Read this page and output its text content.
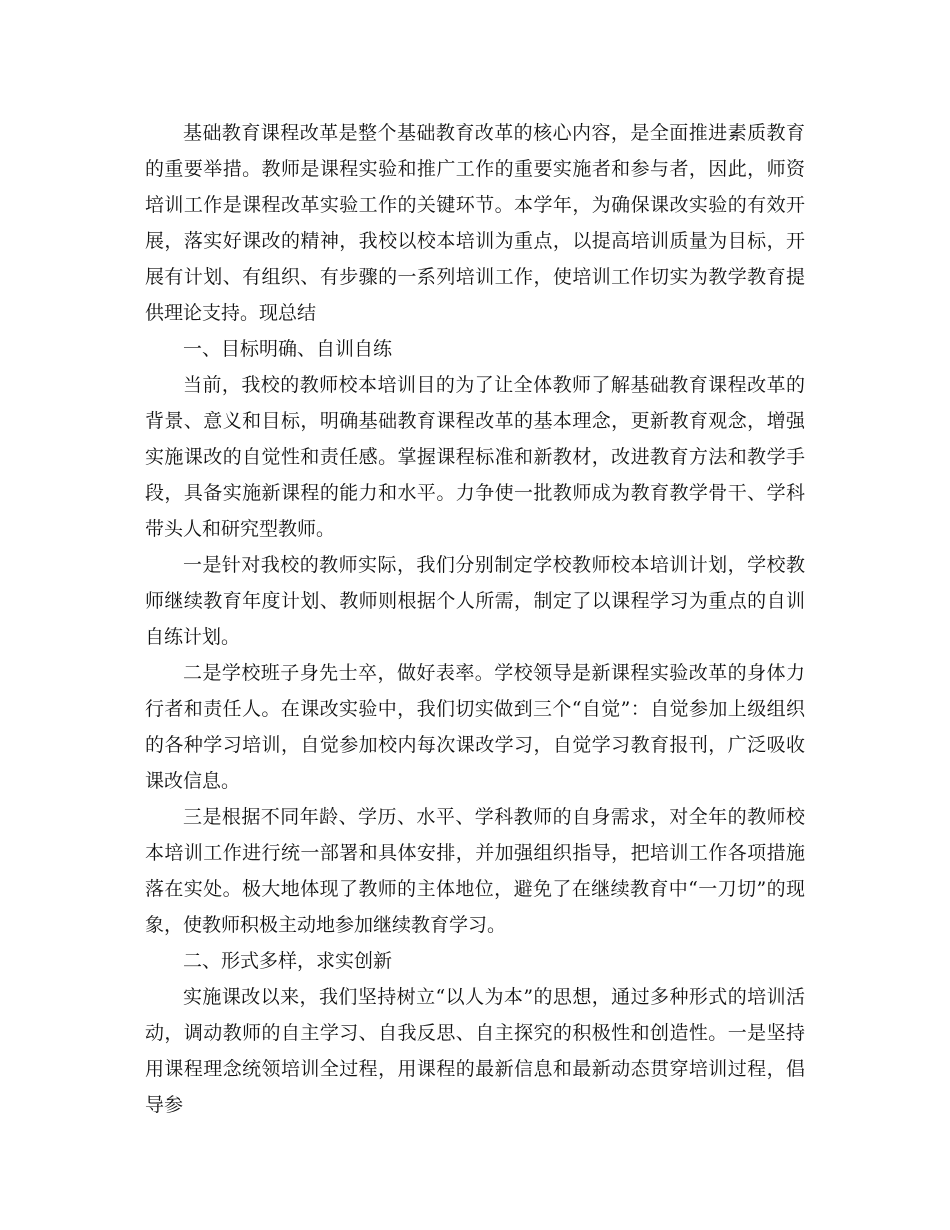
基础教育课程改革是整个基础教育改革的核心内容，是全面推进素质教育的重要举措。教师是课程实验和推广工作的重要实施者和参与者，因此，师资培训工作是课程改革实验工作的关键环节。本学年，为确保课改实验的有效开展，落实好课改的精神，我校以校本培训为重点，以提高培训质量为目标，开展有计划、有组织、有步骤的一系列培训工作，使培训工作切实为教学教育提供理论支持。现总结

一、目标明确、自训自练

当前，我校的教师校本培训目的为了让全体教师了解基础教育课程改革的背景、意义和目标，明确基础教育课程改革的基本理念，更新教育观念，增强实施课改的自觉性和责任感。掌握课程标准和新教材，改进教育方法和教学手段，具备实施新课程的能力和水平。力争使一批教师成为教育教学骨干、学科带头人和研究型教师。

一是针对我校的教师实际，我们分别制定学校教师校本培训计划，学校教师继续教育年度计划、教师则根据个人所需，制定了以课程学习为重点的自训自练计划。

二是学校班子身先士卒，做好表率。学校领导是新课程实验改革的身体力行者和责任人。在课改实验中，我们切实做到三个“自觉”：自觉参加上级组织的各种学习培训，自觉参加校内每次课改学习，自觉学习教育报刊，广泛吸收课改信息。

三是根据不同年龄、学历、水平、学科教师的自身需求，对全年的教师校本培训工作进行统一部署和具体安排，并加强组织指导，把培训工作各项措施落在实处。极大地体现了教师的主体地位，避免了在继续教育中“一刀切”的现象，使教师积极主动地参加继续教育学习。

二、形式多样，求实创新

实施课改以来，我们坚持树立“以人为本”的思想，通过多种形式的培训活动，调动教师的自主学习、自我反思、自主探究的积极性和创造性。一是坚持用课程理念统领培训全过程，用课程的最新信息和最新动态贯穿培训过程，倡导参
